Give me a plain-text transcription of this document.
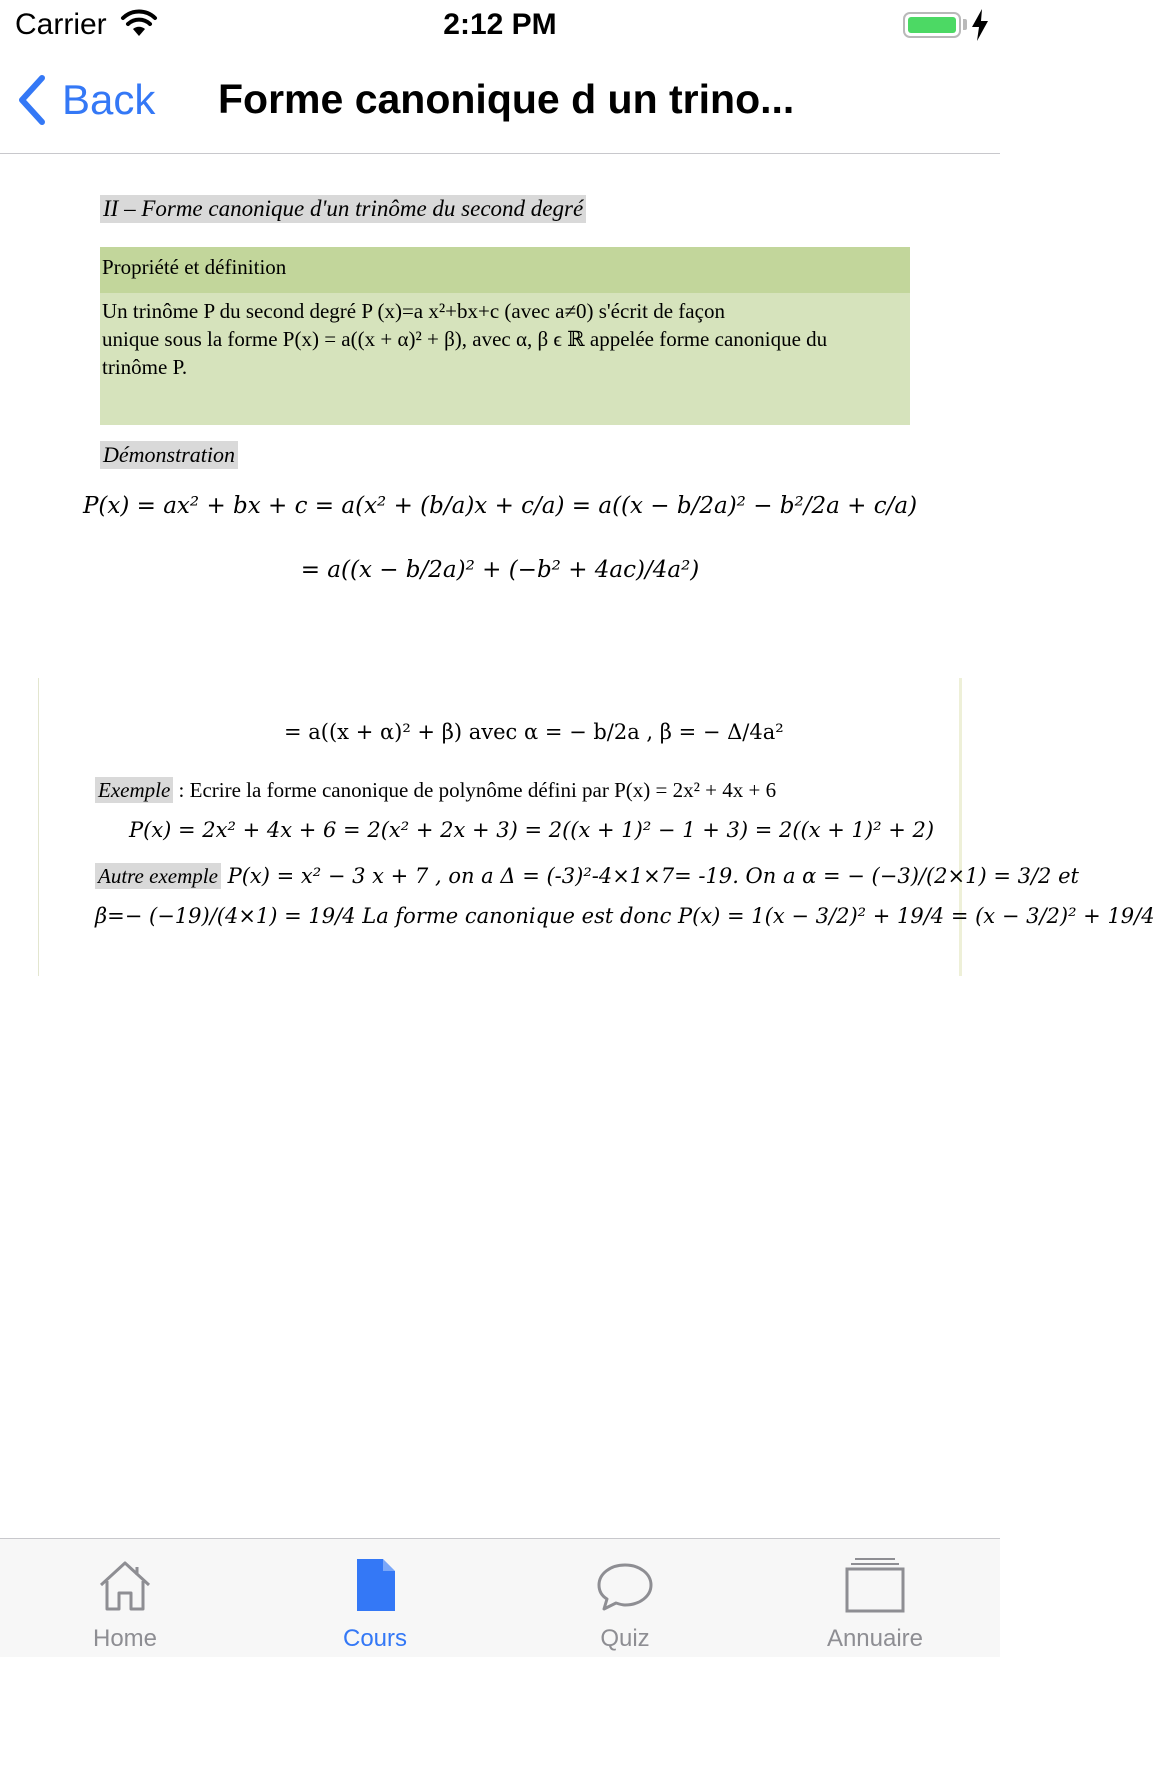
Carrier	2:12 PM
Back Forme canonique d un trino...
II – Forme canonique d'un trinôme du second degré
Propriété et définition
Un trinôme P du second degré P (x)=a x²+bx+c (avec a≠0) s'écrit de façon
unique sous la forme P(x) = a((x + α)² + β), avec α, β ϵ ℝ appelée forme canonique du
trinôme P.
Démonstration
P(x) = ax² + bx + c = a(x² + (b/a)x + c/a) = a((x − b/2a)² − b²/2a + c/a)
= a((x − b/2a)² + (−b² + 4ac)/4a²)
= a((x + α)² + β) avec α = − b/2a , β = − Δ/4a²
Exemple : Ecrire la forme canonique de polynôme défini par P(x) = 2x² + 4x + 6
P(x) = 2x² + 4x + 6 = 2(x² + 2x + 3) = 2((x + 1)² − 1 + 3) = 2((x + 1)² + 2)
Autre exemple P(x) = x² − 3 x + 7 , on a Δ = (-3)²-4×1×7= -19. On a α = − (−3)/(2×1) = 3/2 et
β=− (−19)/(4×1) = 19/4 La forme canonique est donc P(x) = 1(x − 3/2)² + 19/4 = (x − 3/2)² + 19/4
Home	Cours	Quiz	Annuaire
